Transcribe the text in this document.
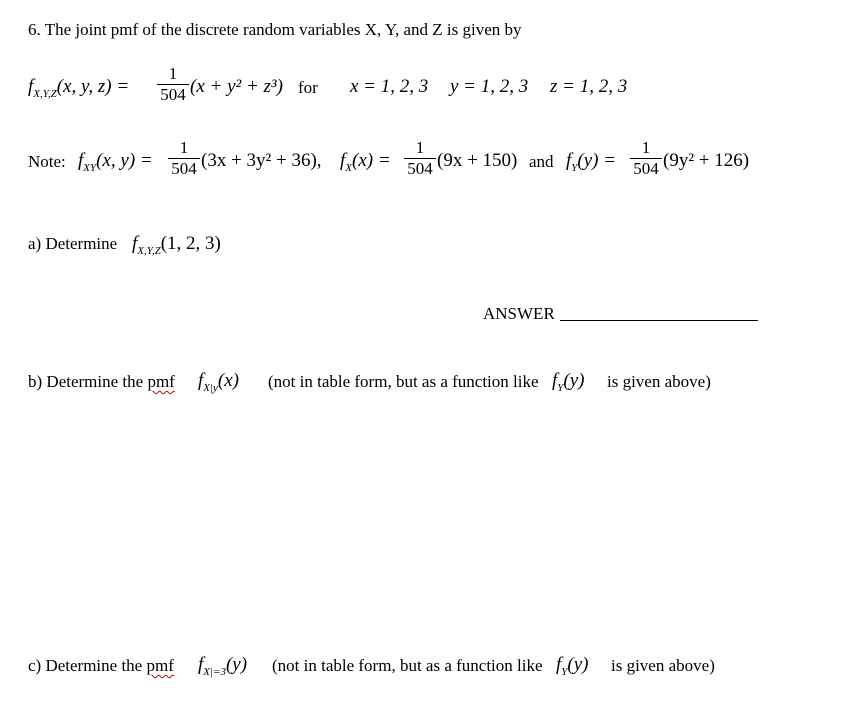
6. The joint pmf of the discrete random variables X, Y, and Z is given by
$f_{X,Y,Z}(x$, y, z) =
1
504 (x + y² + z³) for x = 1, 2, 3 y = 1, 2, 3 z = 1, 2, 3
Note: $f_{XY}(x$, y) =
1
504 (3x + 3y² + 36), $f_X(x)$ =
1
504 (9x + 150) and $f_Y(y)$ =
1
504 (9y² + 126)
a) Determine $f_{X,Y,Z}(1$, 2, 3)
ANSWER
b) Determine the pmf $f_{X|y}(x)$ (not in table form, but as a function like $f_Y(y)$ is given above)
c) Determine the pmf $f_{X|=3}(y)$ (not in table form, but as a function like $f_Y(y)$ is given above)
